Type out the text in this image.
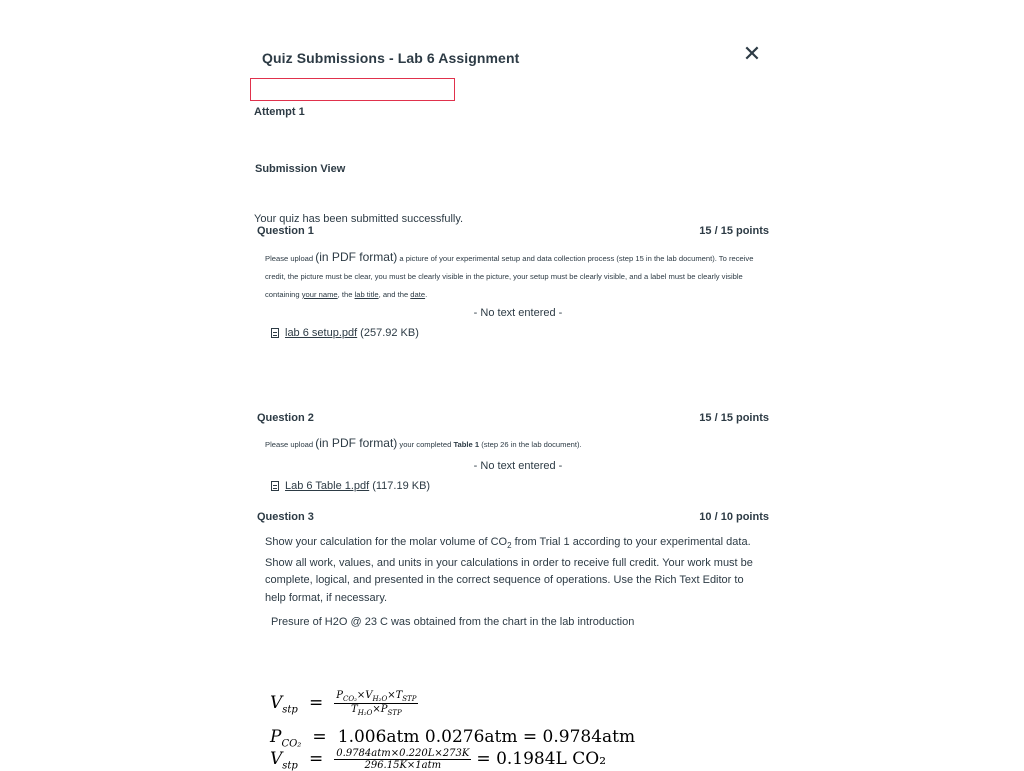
Quiz Submissions - Lab 6 Assignment	✕
Attempt 1
Submission View
Your quiz has been submitted successfully.
Question 1	15 / 15 points
Please upload (in PDF format) a picture of your experimental setup and data collection process (step 15 in the lab document). To receive credit, the picture must be clear, you must be clearly visible in the picture, your setup must be clearly visible, and a label must be clearly visible containing your name, the lab title, and the date.
- No text entered -
lab 6 setup.pdf (257.92 KB)
Question 2	15 / 15 points
Please upload (in PDF format) your completed Table 1 (step 26 in the lab document).
- No text entered -
Lab 6 Table 1.pdf (117.19 KB)
Question 3	10 / 10 points
Show your calculation for the molar volume of $CO_2$ from Trial 1 according to your experimental data. Show all work, values, and units in your calculations in order to receive full credit. Your work must be complete, logical, and presented in the correct sequence of operations. Use the Rich Text Editor to help format, if necessary.
Presure of H2O @ 23 C was obtained from the chart in the lab introduction
$V_{stp} = \frac{P_{CO_2}\times V_{H_2O}\times T_{STP}}{T_{H_2O}\times P_{STP}}$
$P_{CO_2} = 1.006atm$ 0.0276atm = 0.9784atm
$V_{stp} = \frac{\text{0.9784atm×0.220L×273K}}{\text{296.15K×1atm}} = 0.1984L$ CO₂
